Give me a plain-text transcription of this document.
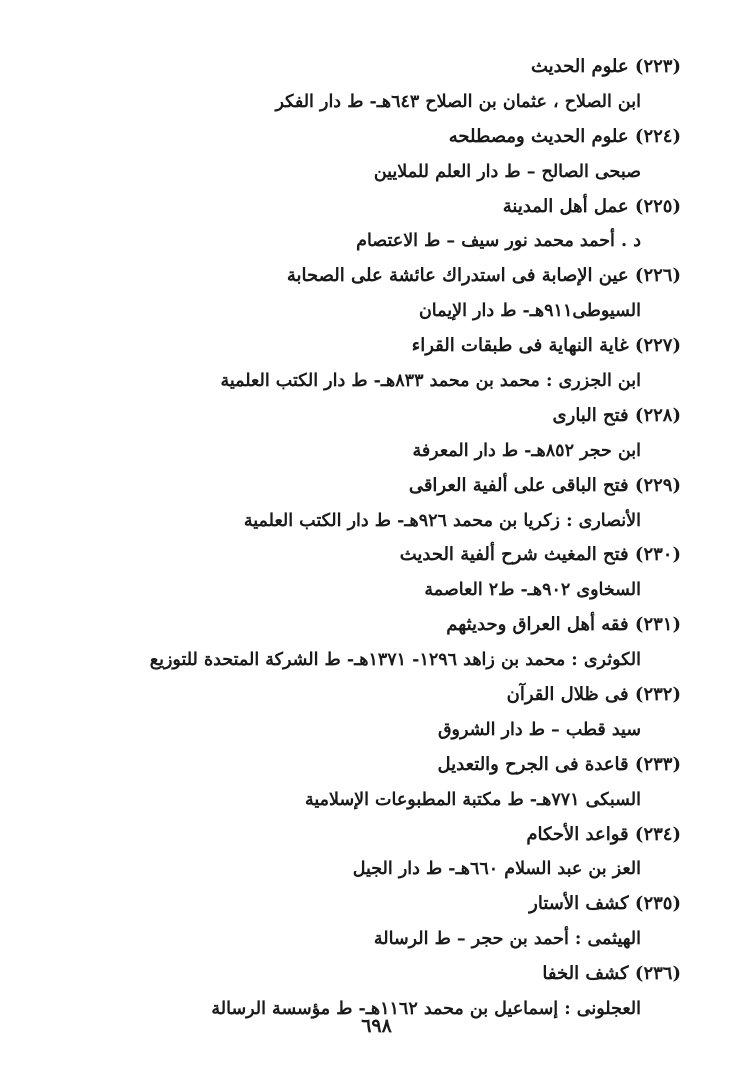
(٢٢٣) علوم الحديث
ابن الصلاح ، عثمان بن الصلاح ٦٤٣هـ- ط دار الفكر
(٢٢٤) علوم الحديث ومصطلحه
صبحى الصالح – ط دار العلم للملايين
(٢٢٥) عمل أهل المدينة
د . أحمد محمد نور سيف – ط الاعتصام
(٢٢٦) عين الإصابة فى استدراك عائشة على الصحابة
السيوطى٩١١هـ- ط دار الإيمان
(٢٢٧) غاية النهاية فى طبقات القراء
ابن الجزرى : محمد بن محمد ٨٣٣هـ- ط دار الكتب العلمية
(٢٢٨) فتح البارى
ابن حجر ٨٥٢هـ- ط دار المعرفة
(٢٢٩) فتح الباقى على ألفية العراقى
الأنصارى : زكريا بن محمد ٩٢٦هـ- ط دار الكتب العلمية
(٢٣٠) فتح المغيث شرح ألفية الحديث
السخاوى ٩٠٢هـ- ط٢ العاصمة
(٢٣١) فقه أهل العراق وحديثهم
الكوثرى : محمد بن زاهد ١٢٩٦- ١٣٧١هـ- ط الشركة المتحدة للتوزيع
(٢٣٢) فى ظلال القرآن
سيد قطب – ط دار الشروق
(٢٣٣) قاعدة فى الجرح والتعديل
السبكى ٧٧١هـ- ط مكتبة المطبوعات الإسلامية
(٢٣٤) قواعد الأحكام
العز بن عبد السلام ٦٦٠هـ- ط دار الجيل
(٢٣٥) كشف الأستار
الهيثمى : أحمد بن حجر – ط الرسالة
(٢٣٦) كشف الخفا
العجلونى : إسماعيل بن محمد ١١٦٢هـ- ط مؤسسة الرسالة
٦٩٨
